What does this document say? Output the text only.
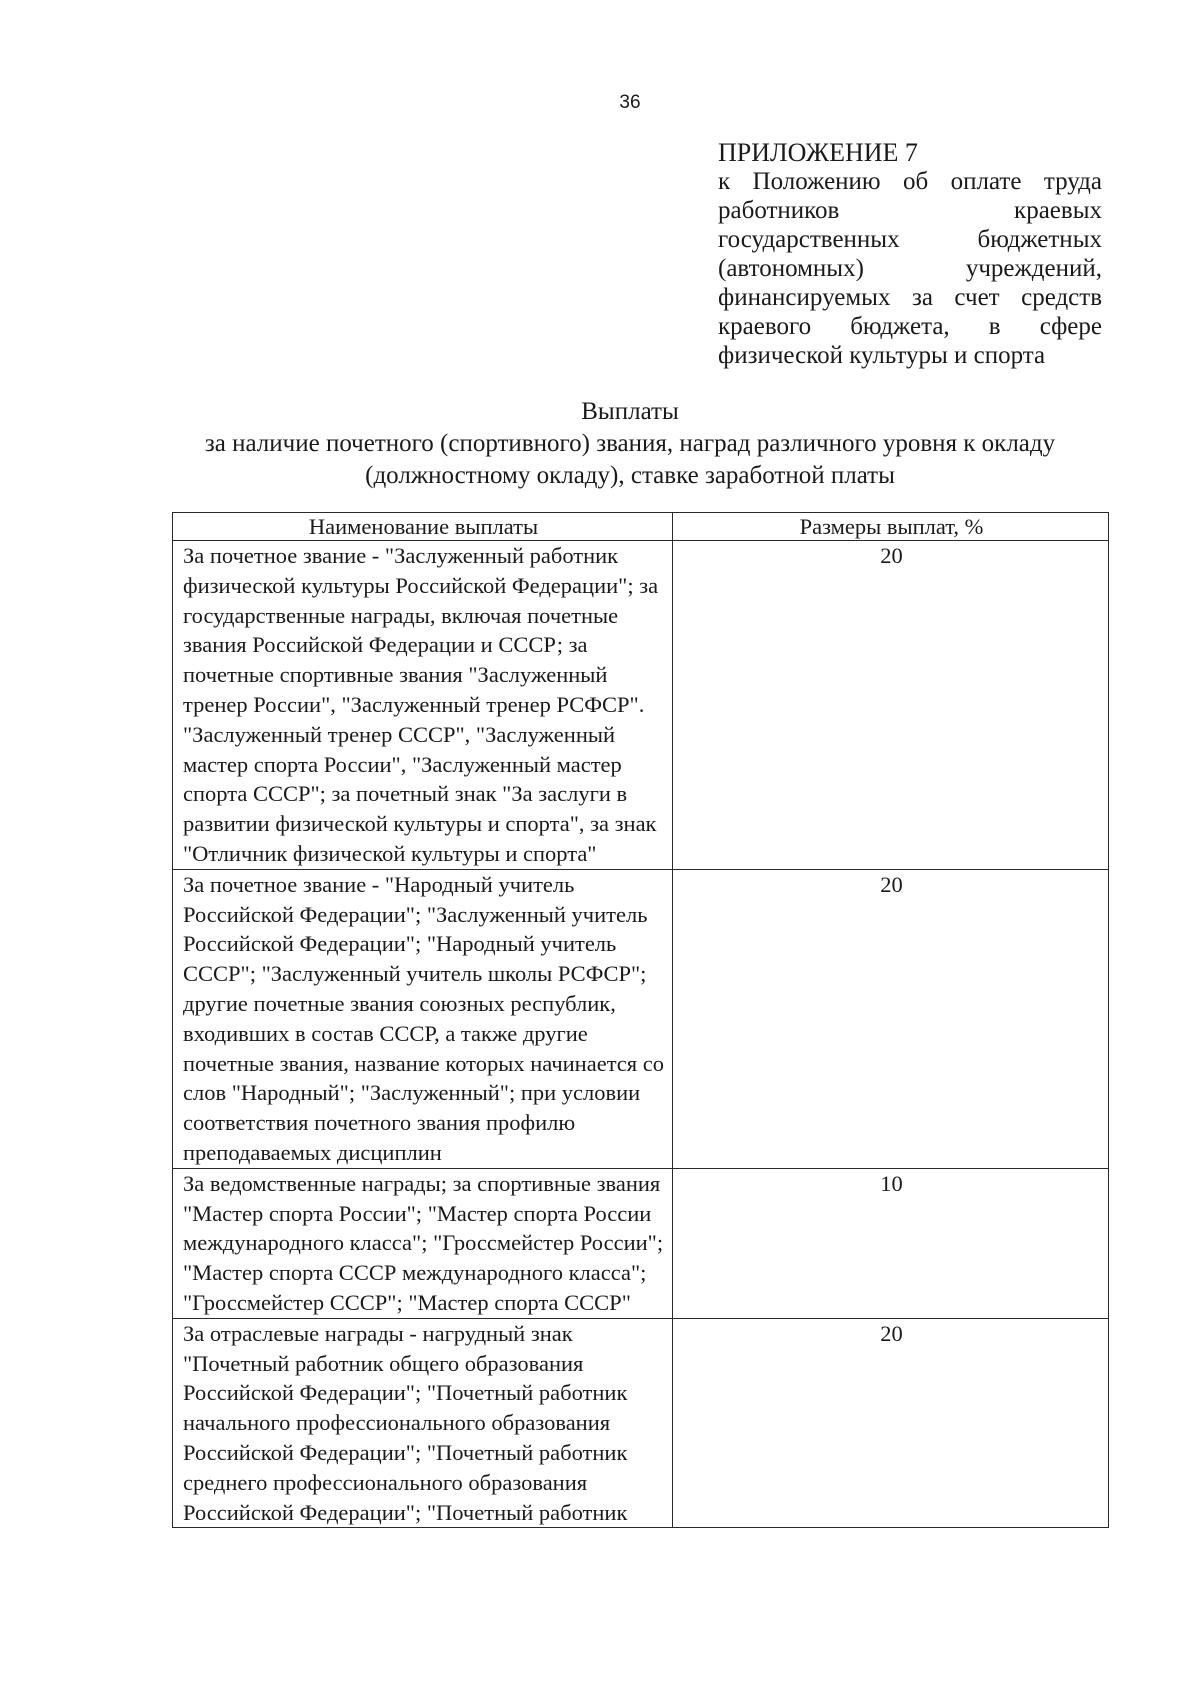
36
ПРИЛОЖЕНИЕ 7
к Положению об оплате труда работников краевых государственных бюджетных (автономных) учреждений, финансируемых за счет средств краевого бюджета, в сфере физической культуры и спорта
Выплаты
за наличие почетного (спортивного) звания, наград различного уровня к окладу (должностному окладу), ставке заработной платы
Наименование выплаты	Размеры выплат, %
За почетное звание - "Заслуженный работник физической культуры Российской Федерации"; за государственные награды, включая почетные звания Российской Федерации и СССР; за почетные спортивные звания "Заслуженный тренер России", "Заслуженный тренер РСФСР". "Заслуженный тренер СССР", "Заслуженный мастер спорта России", "Заслуженный мастер спорта СССР"; за почетный знак "За заслуги в развитии физической культуры и спорта", за знак "Отличник физической культуры и спорта"	20
За почетное звание - "Народный учитель Российской Федерации"; "Заслуженный учитель Российской Федерации"; "Народный учитель СССР"; "Заслуженный учитель школы РСФСР"; другие почетные звания союзных республик, входивших в состав СССР, а также другие почетные звания, название которых начинается со слов "Народный"; "Заслуженный"; при условии соответствия почетного звания профилю преподаваемых дисциплин	20
За ведомственные награды; за спортивные звания "Мастер спорта России"; "Мастер спорта России международного класса"; "Гроссмейстер России"; "Мастер спорта СССР международного класса"; "Гроссмейстер СССР"; "Мастер спорта СССР"	10
За отраслевые награды - нагрудный знак "Почетный работник общего образования Российской Федерации"; "Почетный работник начального профессионального образования Российской Федерации"; "Почетный работник среднего профессионального образования Российской Федерации"; "Почетный работник	20
